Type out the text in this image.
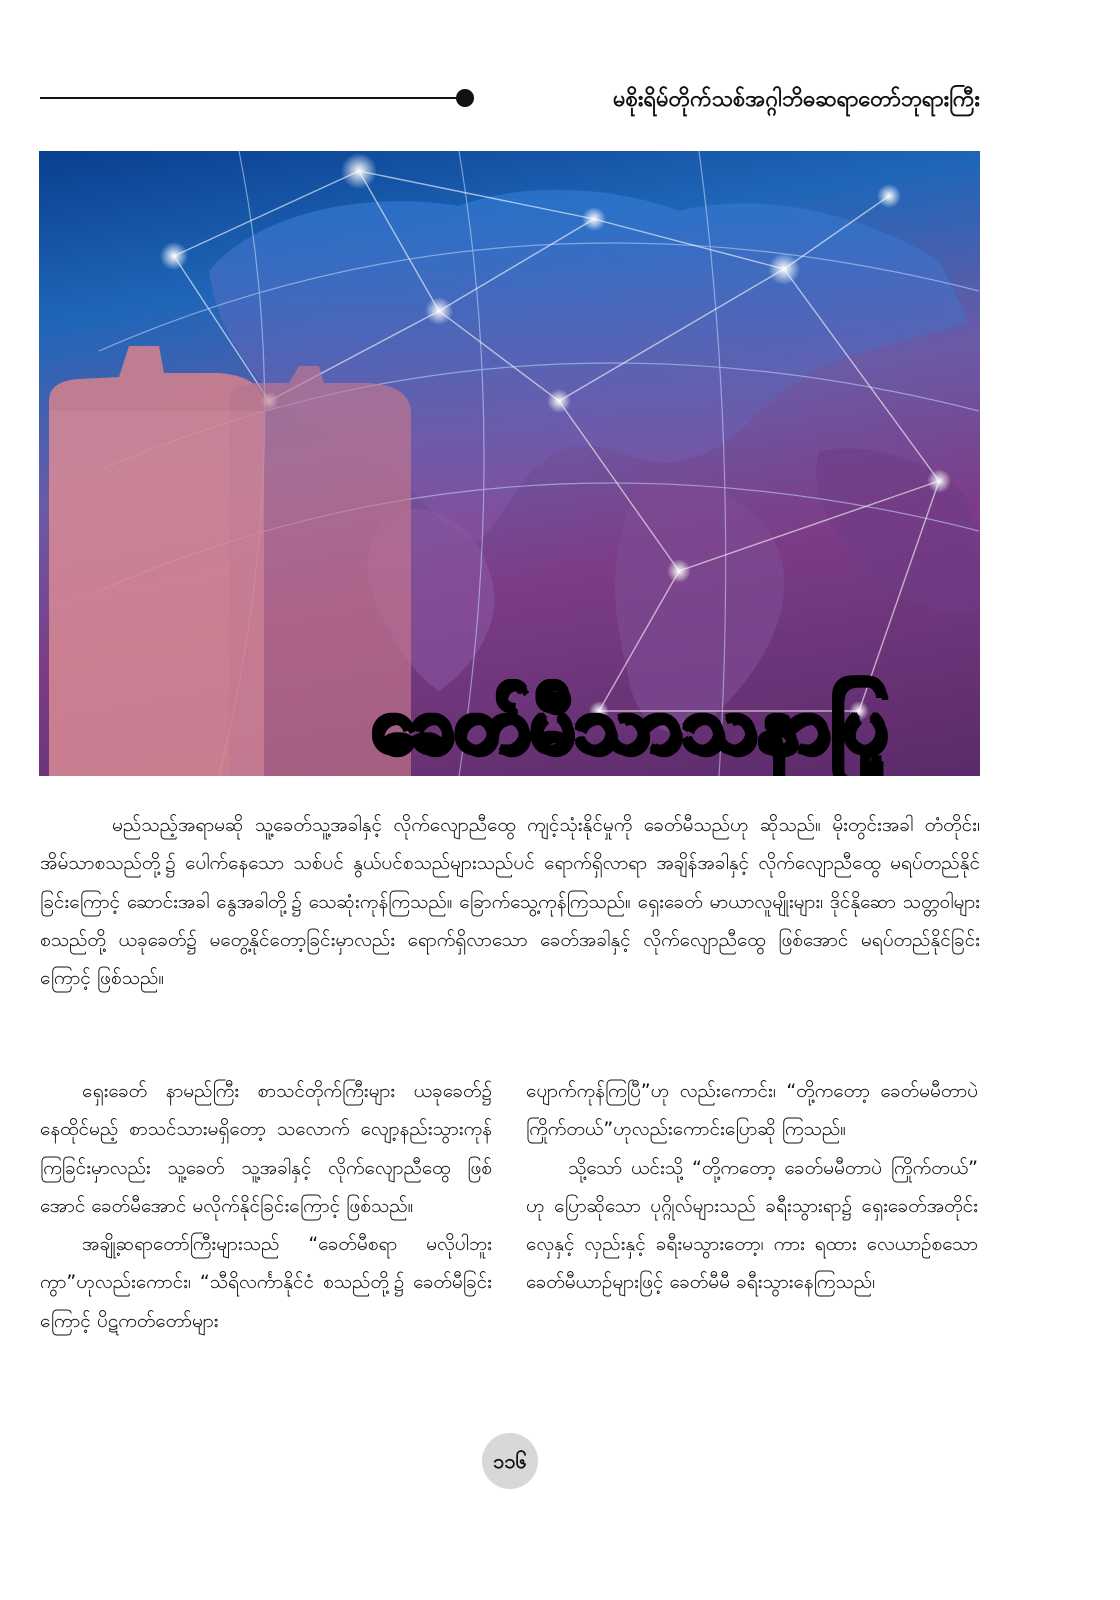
မစိုးရိမ်တိုက်သစ်အဂ္ဂါဘိဓဆရာတော်ဘုရားကြီး
ခေတ်မီသာသနာပြု

မည်သည့်အရာမဆို သူ့ခေတ်သူ့အခါနှင့် လိုက်လျောညီထွေ ကျင့်သုံးနိုင်မှုကို ခေတ်မီသည်ဟု ဆိုသည်။ မိုးတွင်းအခါ တံတိုင်း၊ အိမ်သာစသည်တို့၌ ပေါက်နေသော သစ်ပင် နွယ်ပင်စသည်များသည်ပင် ရောက်ရှိလာရာ အချိန်အခါနှင့် လိုက်လျောညီထွေ မရပ်တည်နိုင်ခြင်းကြောင့် ဆောင်းအခါ နွေအခါတို့၌ သေဆုံးကုန်ကြသည်။ ခြောက်သွေ့ကုန်ကြသည်။ ရှေးခေတ် မာယာလူမျိုးများ၊ ဒိုင်နိုဆော သတ္တဝါများ စသည်တို့ ယခုခေတ်၌ မတွေ့နိုင်တော့ခြင်းမှာလည်း ရောက်ရှိလာသော ခေတ်အခါနှင့် လိုက်လျောညီထွေ ဖြစ်အောင် မရပ်တည်နိုင်ခြင်းကြောင့် ဖြစ်သည်။

ရှေးခေတ် နာမည်ကြီး စာသင်တိုက်ကြီးများ ယခုခေတ်၌ နေထိုင်မည့် စာသင်သားမရှိတော့ သလောက် လျော့နည်းသွားကုန် ကြခြင်းမှာလည်း သူ့ခေတ် သူ့အခါနှင့် လိုက်လျောညီထွေ ဖြစ်အောင် ခေတ်မီအောင် မလိုက်နိုင်ခြင်းကြောင့် ဖြစ်သည်။

အချို့ဆရာတော်ကြီးများသည် “ခေတ်မီစရာ မလိုပါဘူးကွာ”ဟုလည်းကောင်း၊ “သီရိလင်္ကာနိုင်ငံ စသည်တို့၌ ခေတ်မီခြင်းကြောင့် ပိဋကတ်တော်များ

ပျောက်ကုန်ကြပြီ”ဟု လည်းကောင်း၊ “တို့ကတော့ ခေတ်မမီတာပဲ ကြိုက်တယ်”ဟုလည်းကောင်းပြောဆို ကြသည်။

သို့သော် ယင်းသို့ “တို့ကတော့ ခေတ်မမီတာပဲ ကြိုက်တယ်” ဟု ပြောဆိုသော ပုဂ္ဂိုလ်များသည် ခရီးသွားရာ၌ ရှေးခေတ်အတိုင်း လှေနှင့် လှည်းနှင့် ခရီးမသွားတော့၊ ကား ရထား လေယာဉ်စသော ခေတ်မီယာဉ်များဖြင့် ခေတ်မီမီ ခရီးသွားနေကြသည်၊

၁၁၆
